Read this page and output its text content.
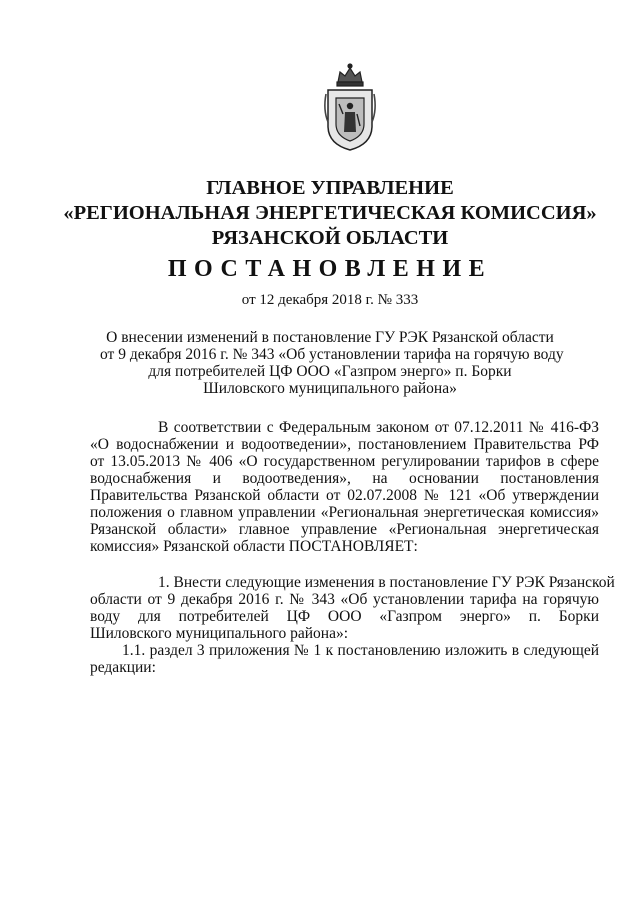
ГЛАВНОЕ УПРАВЛЕНИЕ
«РЕГИОНАЛЬНАЯ ЭНЕРГЕТИЧЕСКАЯ КОМИССИЯ»
РЯЗАНСКОЙ ОБЛАСТИ
ПОСТАНОВЛЕНИЕ
от 12 декабря 2018 г. № 333
О внесении изменений в постановление ГУ РЭК Рязанской области
от 9 декабря 2016 г. № 343 «Об установлении тарифа на горячую воду
для потребителей ЦФ ООО «Газпром энерго» п. Борки
Шиловского муниципального района»
В соответствии с Федеральным законом от 07.12.2011 № 416-ФЗ
«О водоснабжении и водоотведении», постановлением Правительства РФ
от 13.05.2013 № 406 «О государственном регулировании тарифов в сфере
водоснабжения и водоотведения», на основании постановления
Правительства Рязанской области от 02.07.2008 № 121 «Об утверждении
положения о главном управлении «Региональная энергетическая комиссия»
Рязанской области» главное управление «Региональная энергетическая
комиссия» Рязанской области ПОСТАНОВЛЯЕТ:
1. Внести следующие изменения в постановление ГУ РЭК Рязанской
области от 9 декабря 2016 г. № 343 «Об установлении тарифа на горячую
воду для потребителей ЦФ ООО «Газпром энерго» п. Борки
Шиловского муниципального района»:
1.1. раздел 3 приложения № 1 к постановлению изложить в следующей
редакции:
